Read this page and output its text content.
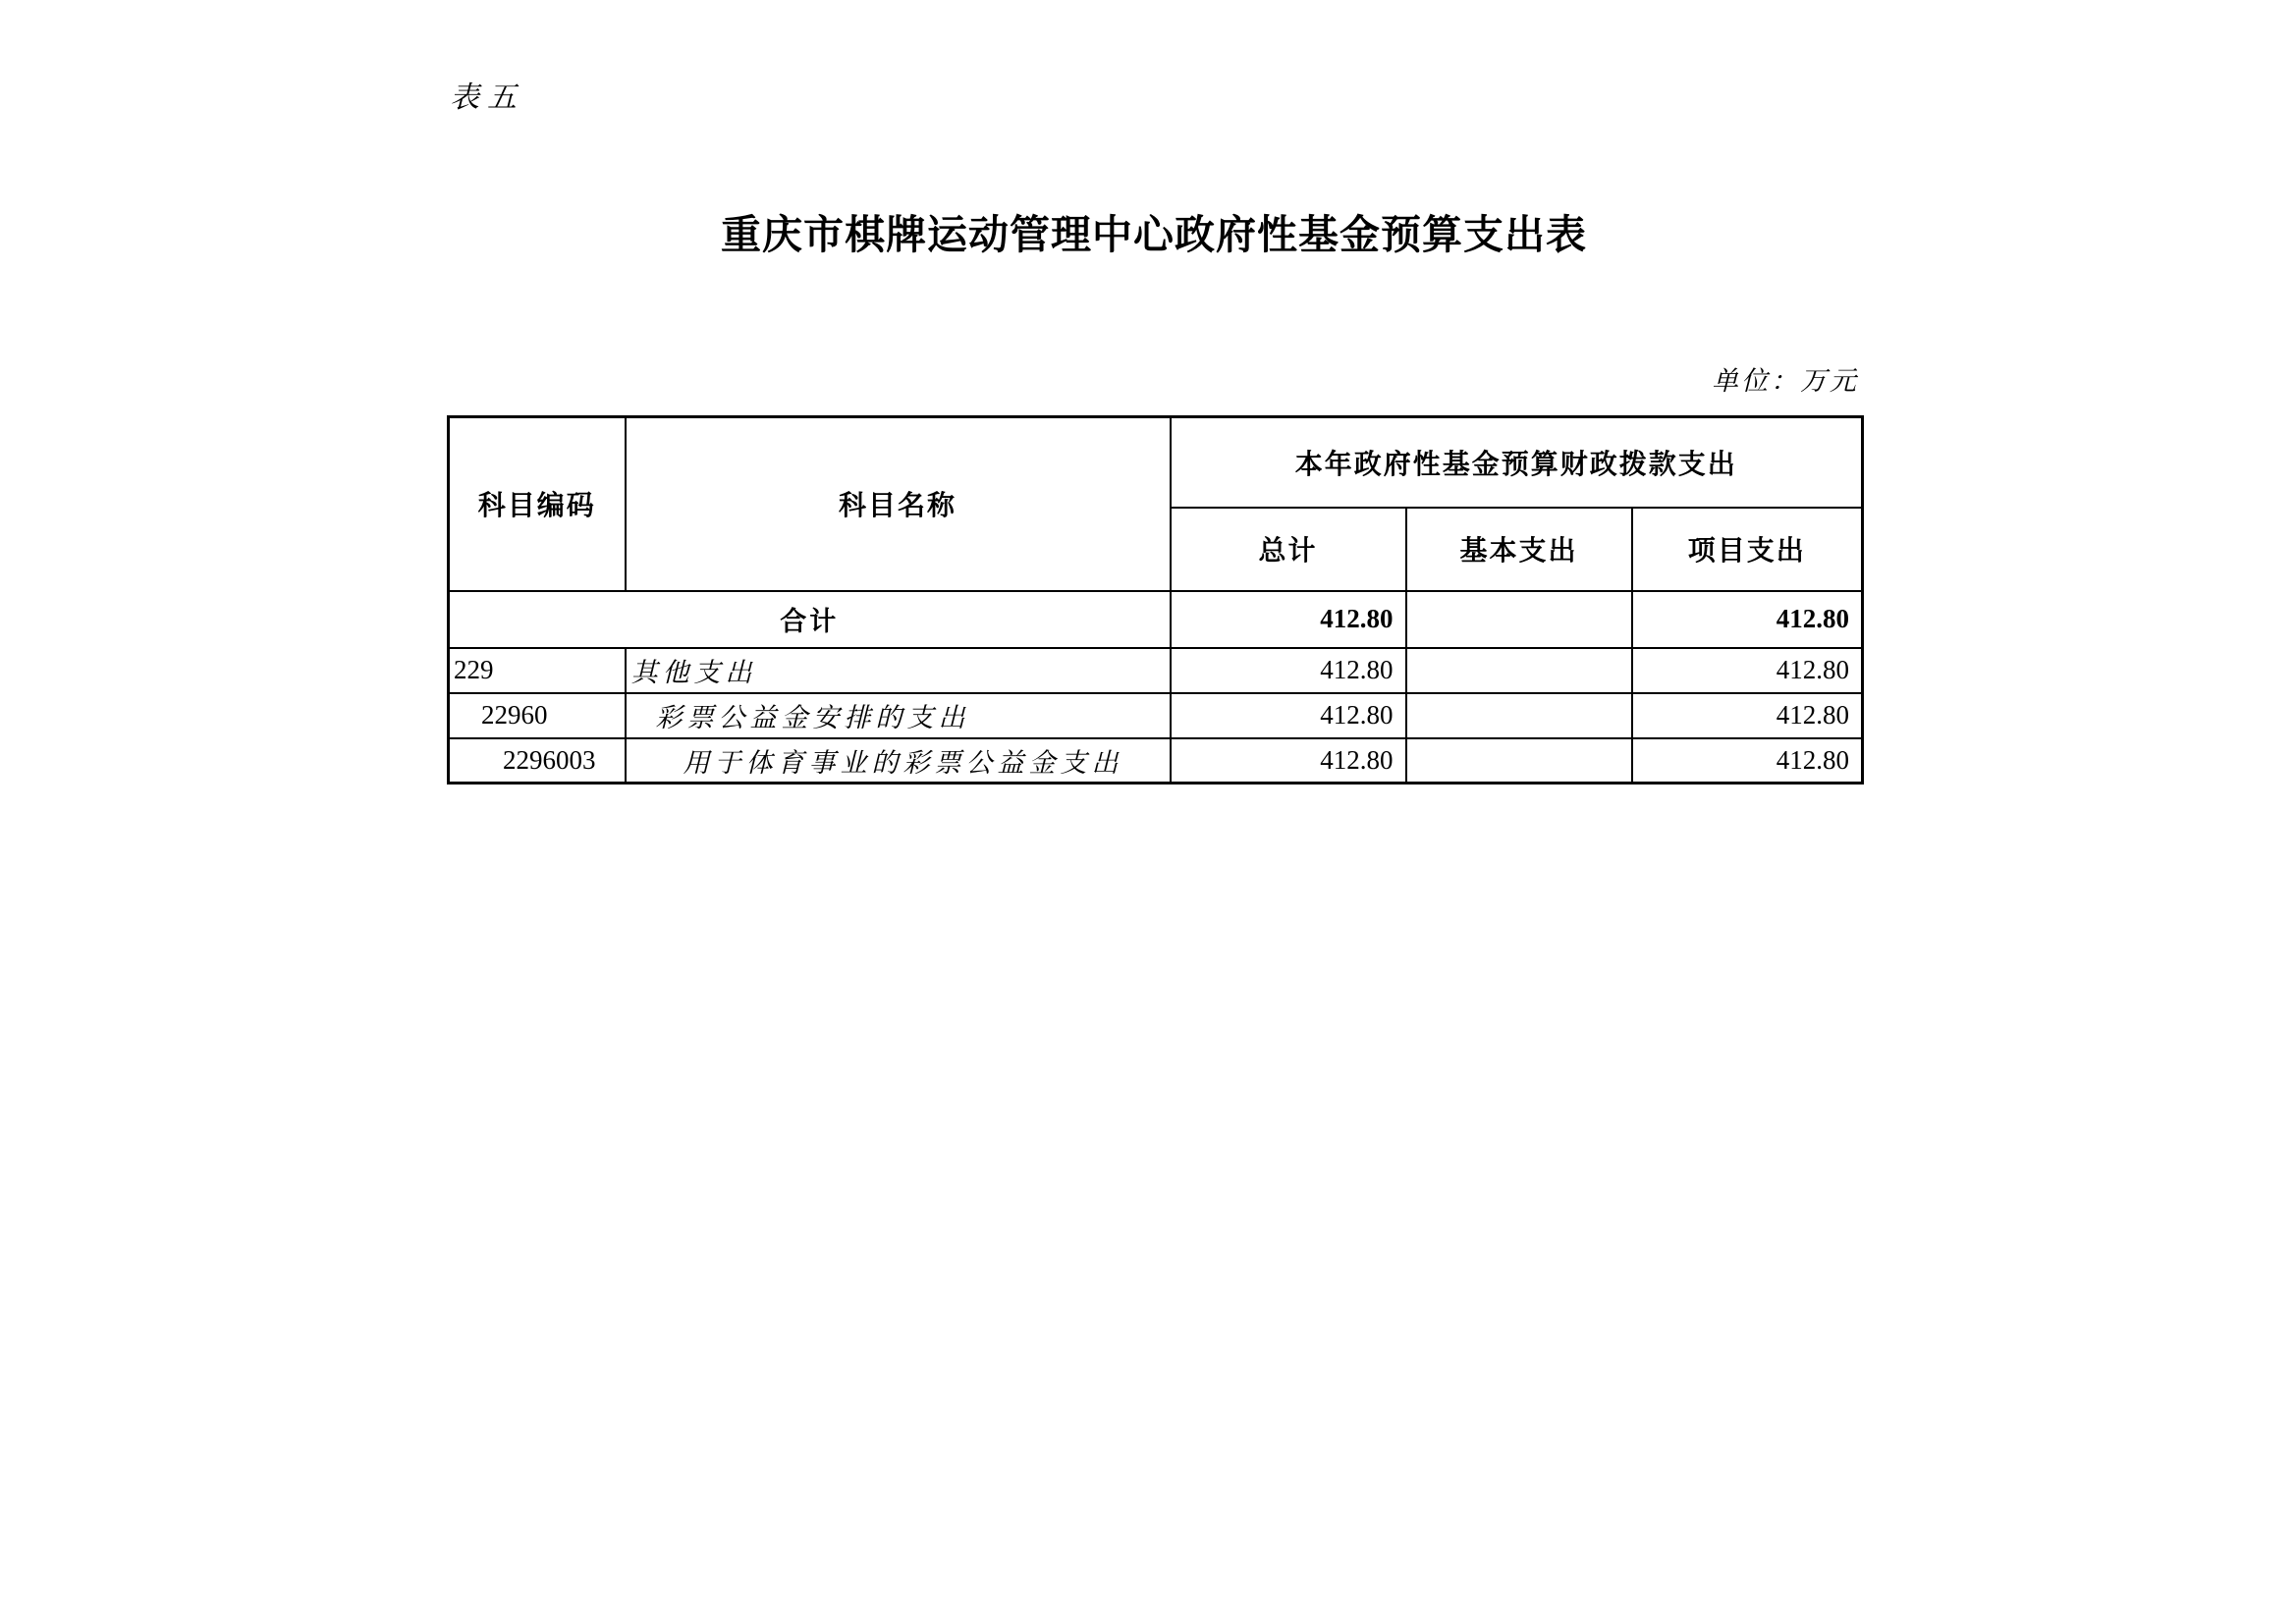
表五
重庆市棋牌运动管理中心政府性基金预算支出表
单位：万元
科目编码	科目名称	本年政府性基金预算财政拨款支出		
		总计	基本支出	项目支出
合计		412.80		412.80
229	其他支出	412.80		412.80
22960	彩票公益金安排的支出	412.80		412.80
2296003	用于体育事业的彩票公益金支出	412.80		412.80
